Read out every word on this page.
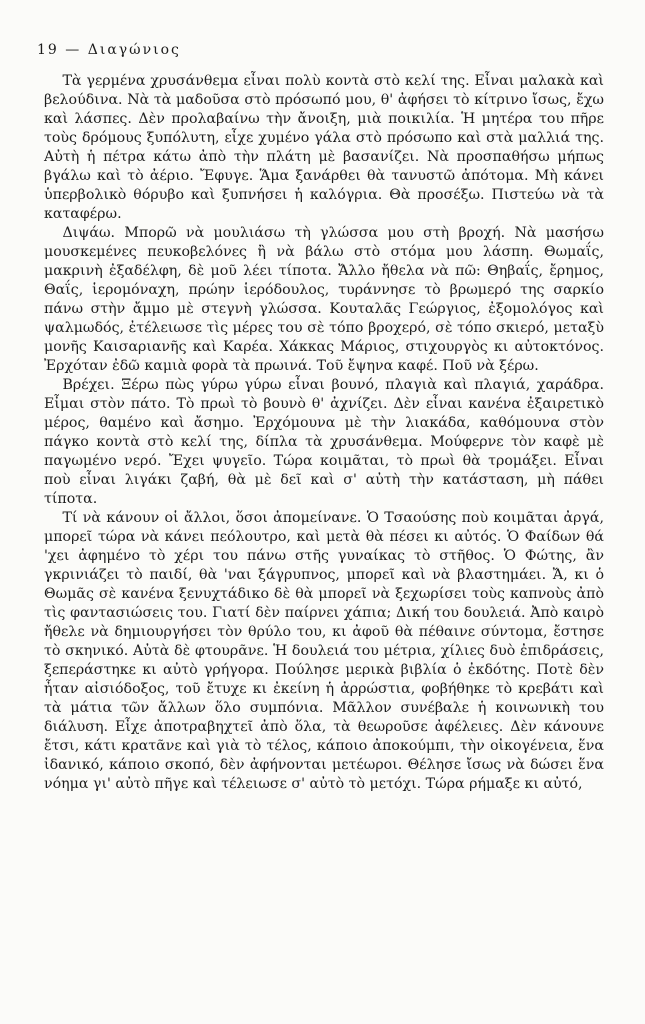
19 — Διαγώνιος

Τὰ γερμένα χρυσάνθεμα εἶναι πολὺ κοντὰ στὸ κελί της. Εἶναι μαλακὰ καὶ βελούδινα. Νὰ τὰ μαδοῦσα στὸ πρόσωπό μου, θ' ἀφήσει τὸ κίτρινο ἴσως, ἔχω καὶ λάσπες. Δὲν προλαβαίνω τὴν ἄνοιξη, μιὰ ποικιλία. Ἡ μητέρα του πῆρε τοὺς δρόμους ξυπόλυτη, εἶχε χυμένο γάλα στὸ πρόσωπο καὶ στὰ μαλλιά της. Αὐτὴ ἡ πέτρα κάτω ἀπὸ τὴν πλάτη μὲ βασανίζει. Νὰ προσπαθήσω μήπως βγάλω καὶ τὸ ἀέριο. Ἔφυγε. Ἅμα ξανάρθει θὰ τανυστῶ ἀπότομα. Μὴ κάνει ὑπερβολικὸ θόρυβο καὶ ξυπνήσει ἡ καλόγρια. Θὰ προσέξω. Πιστεύω νὰ τὰ καταφέρω.

Διψάω. Μπορῶ νὰ μουλιάσω τὴ γλώσσα μου στὴ βροχή. Νὰ μασήσω μουσκεμένες πευκοβελόνες ἢ νὰ βάλω στὸ στόμα μου λάσπη. Θωμαΐς, μακρινὴ ἐξαδέλφη, δὲ μοῦ λέει τίποτα. Ἄλλο ἤθελα νὰ πῶ: Θηβαΐς, ἔρημος, Θαΐς, ἱερομόναχη, πρώην ἱερόδουλος, τυράννησε τὸ βρωμερό της σαρκίο πάνω στὴν ἄμμο μὲ στεγνὴ γλώσσα. Κουταλᾶς Γεώργιος, ἐξομολόγος καὶ ψαλμωδός, ἐτέλειωσε τὶς μέρες του σὲ τόπο βροχερό, σὲ τόπο σκιερό, μεταξὺ μονῆς Καισαριανῆς καὶ Καρέα. Χάκκας Μάριος, στιχουργὸς κι αὐτοκτόνος. Ἐρχόταν ἐδῶ καμιὰ φορὰ τὰ πρωινά. Τοῦ ἔψηνα καφέ. Ποῦ νὰ ξέρω.

Βρέχει. Ξέρω πὼς γύρω γύρω εἶναι βουνό, πλαγιὰ καὶ πλαγιά, χαράδρα. Εἶμαι στὸν πάτο. Τὸ πρωὶ τὸ βουνὸ θ' ἀχνίζει. Δὲν εἶναι κανένα ἐξαιρετικὸ μέρος, θαμένο καὶ ἄσημο. Ἐρχόμουνα μὲ τὴν λιακάδα, καθόμουνα στὸν πάγκο κοντὰ στὸ κελί της, δίπλα τὰ χρυσάνθεμα. Μούφερνε τὸν καφὲ μὲ παγωμένο νερό. Ἔχει ψυγεῖο. Τώρα κοιμᾶται, τὸ πρωὶ θὰ τρομάξει. Εἶναι ποὺ εἶναι λιγάκι ζαβή, θὰ μὲ δεῖ καὶ σ' αὐτὴ τὴν κατάσταση, μὴ πάθει τίποτα.

Τί νὰ κάνουν οἱ ἄλλοι, ὅσοι ἀπομείνανε. Ὁ Τσαούσης ποὺ κοιμᾶται ἀργά, μπορεῖ τώρα νὰ κάνει πεόλουτρο, καὶ μετὰ θὰ πέσει κι αὐτός. Ὁ Φαίδων θά 'χει ἀφημένο τὸ χέρι του πάνω στῆς γυναίκας τὸ στῆθος. Ὁ Φώτης, ἂν γκρινιάζει τὸ παιδί, θὰ 'ναι ξάγρυπνος, μπορεῖ καὶ νὰ βλαστημάει. Ἄ, κι ὁ Θωμᾶς σὲ κανένα ξενυχτάδικο δὲ θὰ μπορεῖ νὰ ξεχωρίσει τοὺς καπνοὺς ἀπὸ τὶς φαντασιώσεις του. Γιατί δὲν παίρνει χάπια; Δική του δουλειά. Ἀπὸ καιρὸ ἤθελε νὰ δημιουργήσει τὸν θρύλο του, κι ἀφοῦ θὰ πέθαινε σύντομα, ἔστησε τὸ σκηνικό. Αὐτὰ δὲ φτουρᾶνε. Ἡ δουλειά του μέτρια, χίλιες δυὸ ἐπιδράσεις, ξεπεράστηκε κι αὐτὸ γρήγορα. Πούλησε μερικὰ βιβλία ὁ ἐκδότης. Ποτὲ δὲν ἦταν αἰσιόδοξος, τοῦ ἔτυχε κι ἐκείνη ἡ ἀρρώστια, φοβήθηκε τὸ κρεβάτι καὶ τὰ μάτια τῶν ἄλλων ὅλο συμπόνια. Μᾶλλον συνέβαλε ἡ κοινωνικὴ του διάλυση. Εἶχε ἀποτραβηχτεῖ ἀπὸ ὅλα, τὰ θεωροῦσε ἀφέλειες. Δὲν κάνουνε ἔτσι, κάτι κρατᾶνε καὶ γιὰ τὸ τέλος, κάποιο ἀποκούμπι, τὴν οἰκογένεια, ἕνα ἰδανικό, κάποιο σκοπό, δὲν ἀφήνονται μετέωροι. Θέλησε ἴσως νὰ δώσει ἕνα νόημα γι' αὐτὸ πῆγε καὶ τέλειωσε σ' αὐτὸ τὸ μετόχι. Τώρα ρήμαξε κι αὐτό,
